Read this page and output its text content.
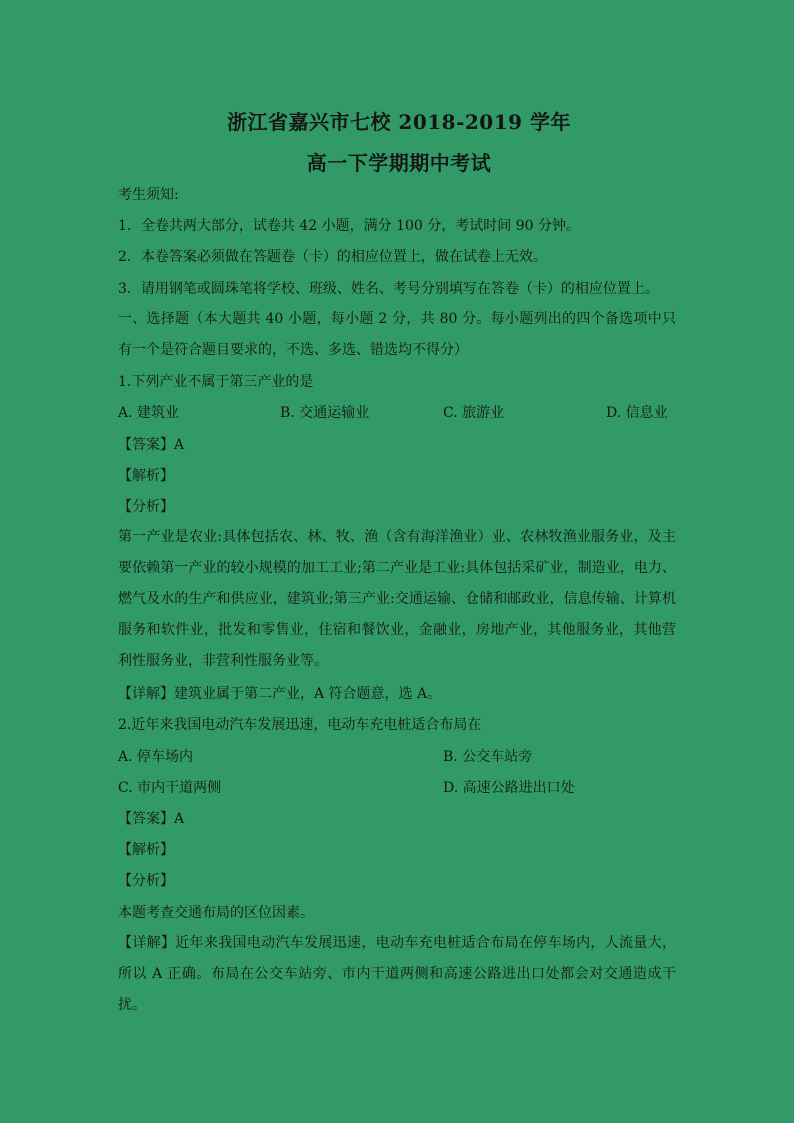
浙江省嘉兴市七校 2018-2019 学年
高一下学期期中考试
考生须知:
1．全卷共两大部分，试卷共 42 小题，满分 100 分，考试时间 90 分钟。
2．本卷答案必须做在答题卷（卡）的相应位置上，做在试卷上无效。
3．请用钢笔或圆珠笔将学校、班级、姓名、考号分别填写在答卷（卡）的相应位置上。
一、选择题（本大题共 40 小题，每小题 2 分，共 80 分。每小题列出的四个备选项中只有一个是符合题目要求的，不选、多选、错选均不得分）
1.下列产业不属于第三产业的是
A. 建筑业	B. 交通运输业	C. 旅游业	D. 信息业
【答案】A
【解析】
【分析】
第一产业是农业:具体包括农、林、牧、渔（含有海洋渔业）业、农林牧渔业服务业，及主要依赖第一产业的较小规模的加工工业;第二产业是工业:具体包括采矿业，制造业，电力、燃气及水的生产和供应业，建筑业;第三产业:交通运输、仓储和邮政业，信息传输、计算机服务和软件业，批发和零售业，住宿和餐饮业，金融业，房地产业，其他服务业，其他营利性服务业，非营利性服务业等。
【详解】建筑业属于第二产业，A 符合题意，选 A。
2.近年来我国电动汽车发展迅速，电动车充电桩适合布局在
A. 停车场内	B. 公交车站旁
C. 市内干道两侧	D. 高速公路进出口处
【答案】A
【解析】
【分析】
本题考查交通布局的区位因素。
【详解】近年来我国电动汽车发展迅速，电动车充电桩适合布局在停车场内，人流量大，所以 A 正确。布局在公交车站旁、市内干道两侧和高速公路进出口处都会对交通造成干扰。
